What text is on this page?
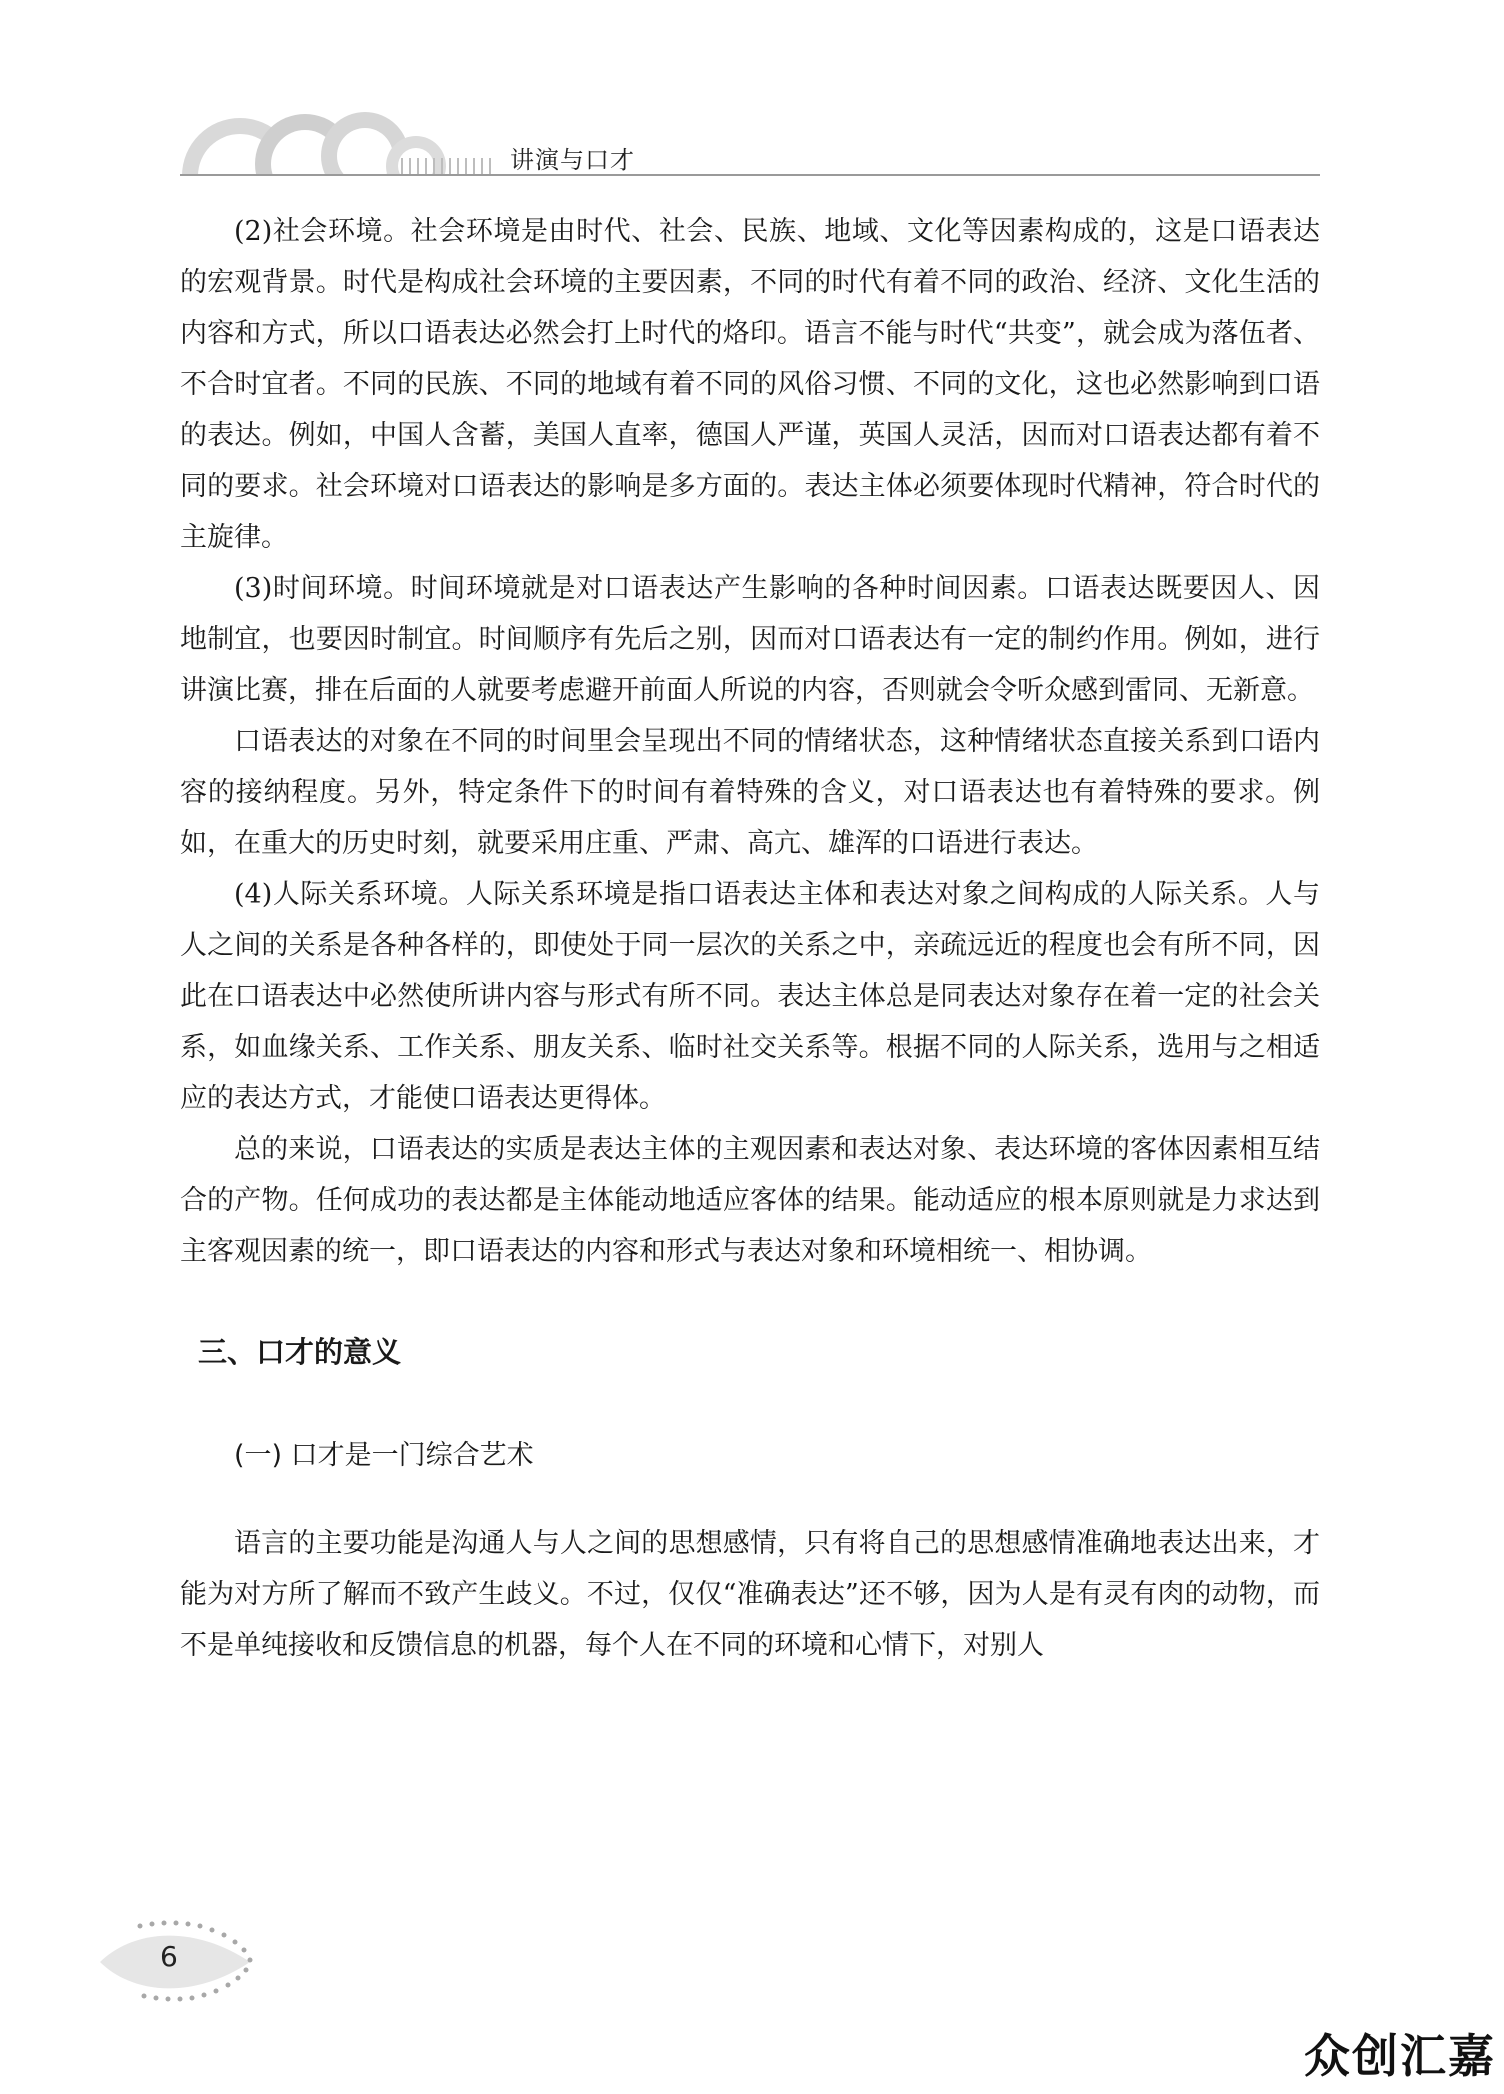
讲演与口才

(2)社会环境。社会环境是由时代、社会、民族、地域、文化等因素构成的，这是口语表达的宏观背景。时代是构成社会环境的主要因素，不同的时代有着不同的政治、经济、文化生活的内容和方式，所以口语表达必然会打上时代的烙印。语言不能与时代“共变”，就会成为落伍者、不合时宜者。不同的民族、不同的地域有着不同的风俗习惯、不同的文化，这也必然影响到口语的表达。例如，中国人含蓄，美国人直率，德国人严谨，英国人灵活，因而对口语表达都有着不同的要求。社会环境对口语表达的影响是多方面的。表达主体必须要体现时代精神，符合时代的主旋律。

(3)时间环境。时间环境就是对口语表达产生影响的各种时间因素。口语表达既要因人、因地制宜，也要因时制宜。时间顺序有先后之别，因而对口语表达有一定的制约作用。例如，进行讲演比赛，排在后面的人就要考虑避开前面人所说的内容，否则就会令听众感到雷同、无新意。

口语表达的对象在不同的时间里会呈现出不同的情绪状态，这种情绪状态直接关系到口语内容的接纳程度。另外，特定条件下的时间有着特殊的含义，对口语表达也有着特殊的要求。例如，在重大的历史时刻，就要采用庄重、严肃、高亢、雄浑的口语进行表达。

(4)人际关系环境。人际关系环境是指口语表达主体和表达对象之间构成的人际关系。人与人之间的关系是各种各样的，即使处于同一层次的关系之中，亲疏远近的程度也会有所不同，因此在口语表达中必然使所讲内容与形式有所不同。表达主体总是同表达对象存在着一定的社会关系，如血缘关系、工作关系、朋友关系、临时社交关系等。根据不同的人际关系，选用与之相适应的表达方式，才能使口语表达更得体。

总的来说，口语表达的实质是表达主体的主观因素和表达对象、表达环境的客体因素相互结合的产物。任何成功的表达都是主体能动地适应客体的结果。能动适应的根本原则就是力求达到主客观因素的统一，即口语表达的内容和形式与表达对象和环境相统一、相协调。

三、口才的意义
(一) 口才是一门综合艺术

语言的主要功能是沟通人与人之间的思想感情，只有将自己的思想感情准确地表达出来，才能为对方所了解而不致产生歧义。不过，仅仅“准确表达”还不够，因为人是有灵有肉的动物，而不是单纯接收和反馈信息的机器，每个人在不同的环境和心情下，对别人

6
众创汇嘉
